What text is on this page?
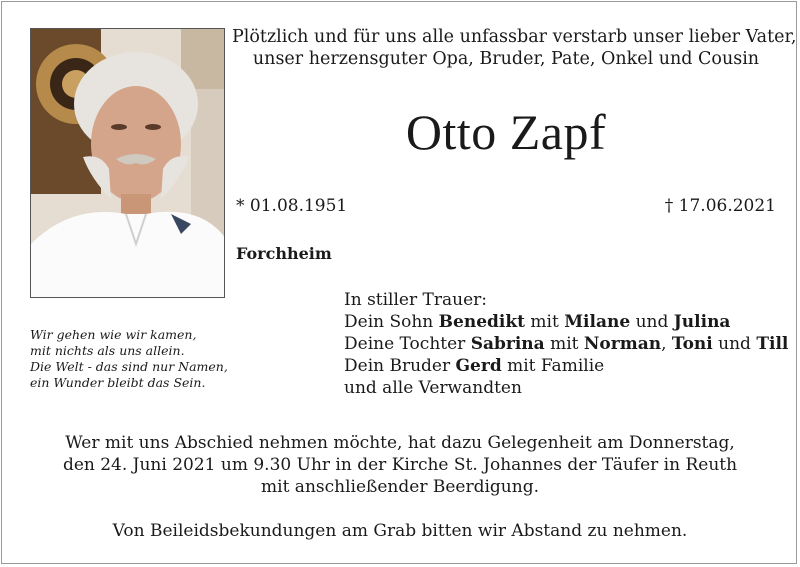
Plötzlich und für uns alle unfassbar verstarb unser lieber Vater,
unser herzensguter Opa, Bruder, Pate, Onkel und Cousin
Otto Zapf
* 01.08.1951	† 17.06.2021
Forchheim
Wir gehen wie wir kamen,
mit nichts als uns allein.
Die Welt - das sind nur Namen,
ein Wunder bleibt das Sein.
In stiller Trauer:
Dein Sohn Benedikt mit Milane und Julina
Deine Tochter Sabrina mit Norman, Toni und Till
Dein Bruder Gerd mit Familie
und alle Verwandten
Wer mit uns Abschied nehmen möchte, hat dazu Gelegenheit am Donnerstag,
den 24. Juni 2021 um 9.30 Uhr in der Kirche St. Johannes der Täufer in Reuth
mit anschließender Beerdigung.
Von Beileidsbekundungen am Grab bitten wir Abstand zu nehmen.
